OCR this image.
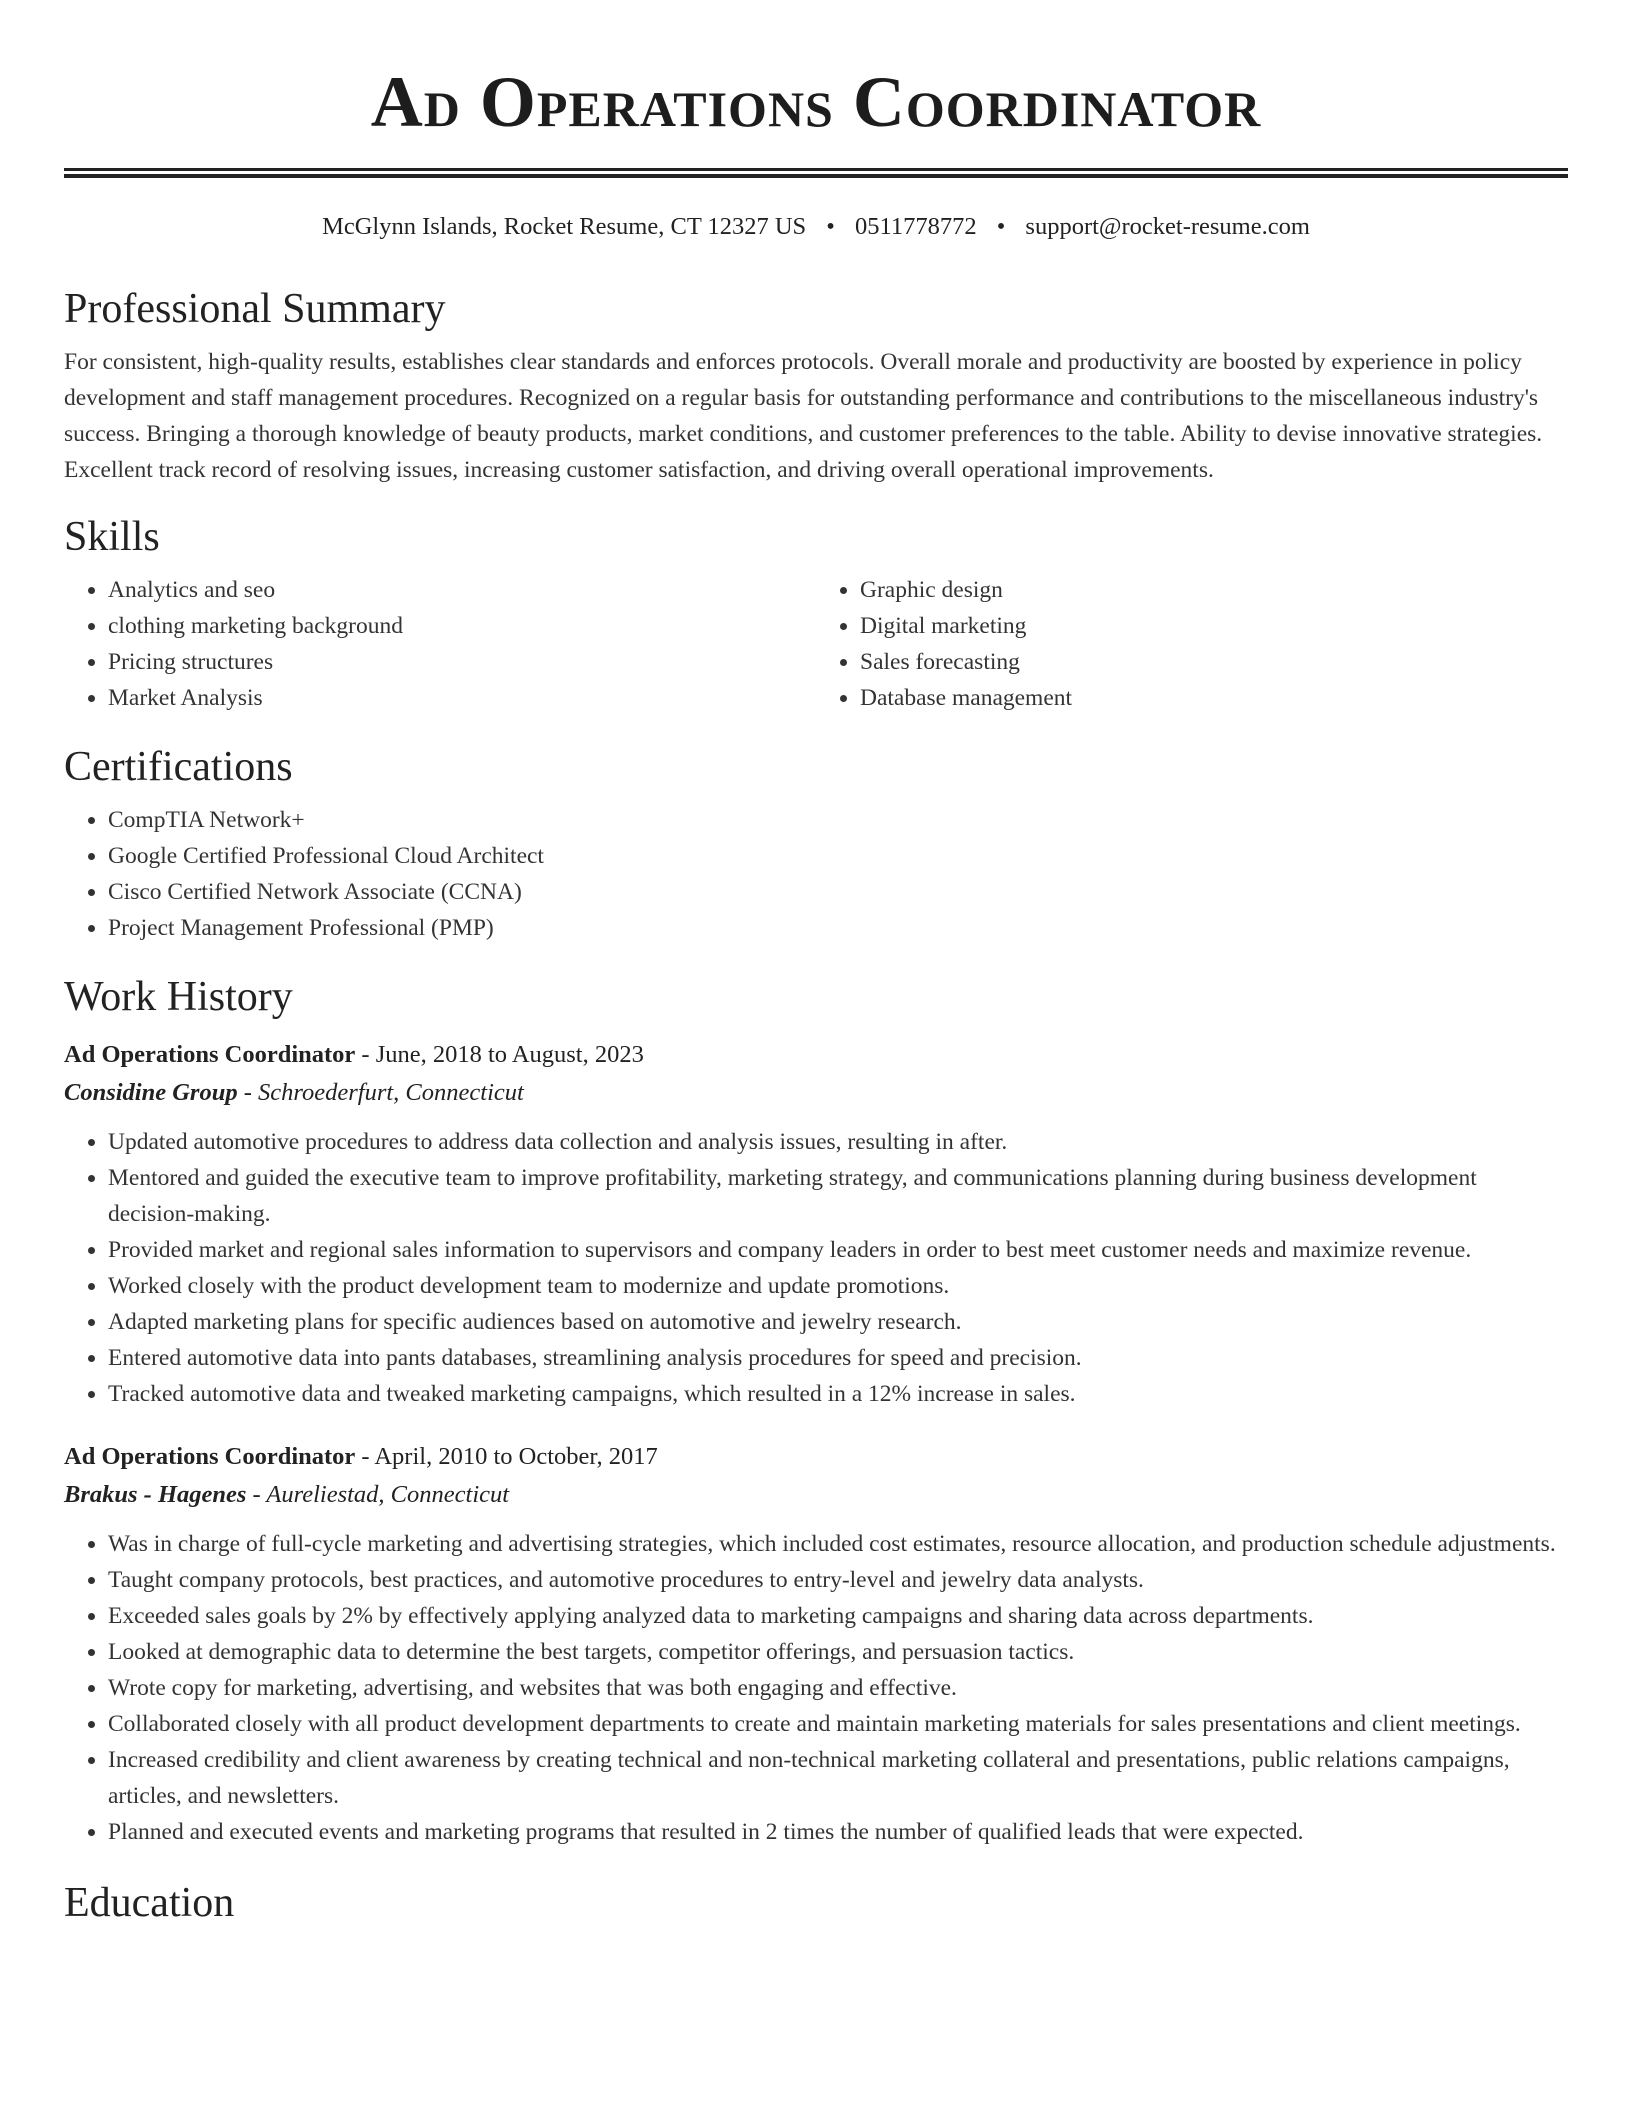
Ad Operations Coordinator
McGlynn Islands, Rocket Resume, CT 12327 US • 0511778772 • support@rocket-resume.com
Professional Summary

For consistent, high-quality results, establishes clear standards and enforces protocols. Overall morale and productivity are boosted by experience in policy development and staff management procedures. Recognized on a regular basis for outstanding performance and contributions to the miscellaneous industry's success. Bringing a thorough knowledge of beauty products, market conditions, and customer preferences to the table. Ability to devise innovative strategies. Excellent track record of resolving issues, increasing customer satisfaction, and driving overall operational improvements.

Skills
• Analytics and seo
• clothing marketing background
• Pricing structures
• Market Analysis
• Graphic design
• Digital marketing
• Sales forecasting
• Database management
Certifications
• CompTIA Network+
• Google Certified Professional Cloud Architect
• Cisco Certified Network Associate (CCNA)
• Project Management Professional (PMP)
Work History
Ad Operations Coordinator - June, 2018 to August, 2023
Considine Group - Schroederfurt, Connecticut
• Updated automotive procedures to address data collection and analysis issues, resulting in after.
• Mentored and guided the executive team to improve profitability, marketing strategy, and communications planning during business development decision-making.
• Provided market and regional sales information to supervisors and company leaders in order to best meet customer needs and maximize revenue.
• Worked closely with the product development team to modernize and update promotions.
• Adapted marketing plans for specific audiences based on automotive and jewelry research.
• Entered automotive data into pants databases, streamlining analysis procedures for speed and precision.
• Tracked automotive data and tweaked marketing campaigns, which resulted in a 12% increase in sales.
Ad Operations Coordinator - April, 2010 to October, 2017
Brakus - Hagenes - Aureliestad, Connecticut
• Was in charge of full-cycle marketing and advertising strategies, which included cost estimates, resource allocation, and production schedule adjustments.
• Taught company protocols, best practices, and automotive procedures to entry-level and jewelry data analysts.
• Exceeded sales goals by 2% by effectively applying analyzed data to marketing campaigns and sharing data across departments.
• Looked at demographic data to determine the best targets, competitor offerings, and persuasion tactics.
• Wrote copy for marketing, advertising, and websites that was both engaging and effective.
• Collaborated closely with all product development departments to create and maintain marketing materials for sales presentations and client meetings.
• Increased credibility and client awareness by creating technical and non-technical marketing collateral and presentations, public relations campaigns, articles, and newsletters.
• Planned and executed events and marketing programs that resulted in 2 times the number of qualified leads that were expected.
Education
